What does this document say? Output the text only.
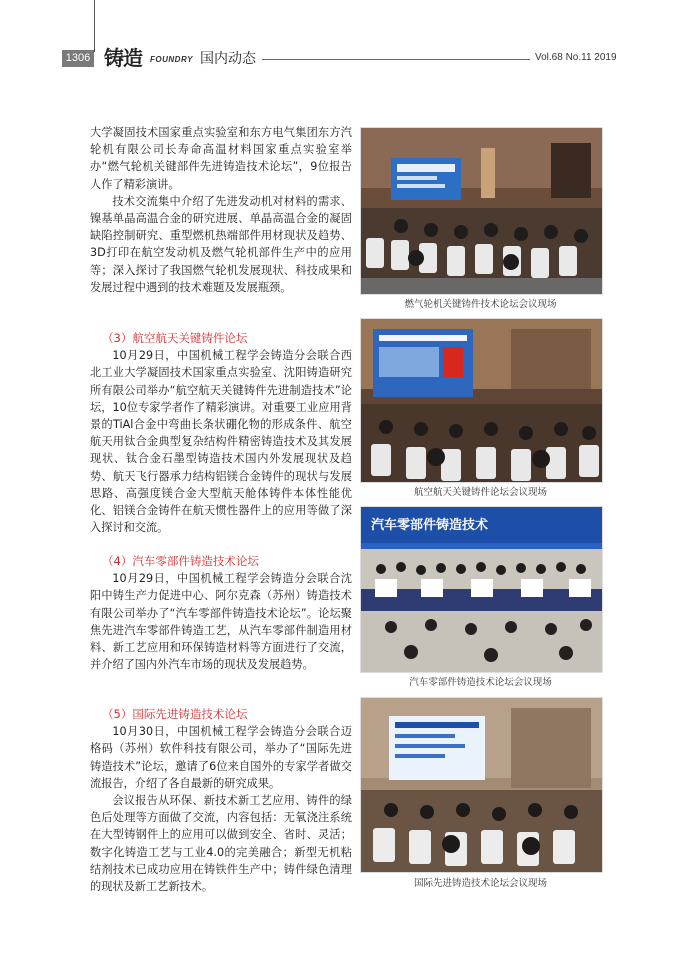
1306 铸造 FOUNDRY 国内动态	Vol.68 No.11 2019

大学凝固技术国家重点实验室和东方电气集团东方汽轮机有限公司长寿命高温材料国家重点实验室举办“燃气轮机关键部件先进铸造技术论坛”，9位报告人作了精彩演讲。

技术交流集中介绍了先进发动机对材料的需求、镍基单晶高温合金的研究进展、单晶高温合金的凝固缺陷控制研究、重型燃机热端部件用材现状及趋势、3D打印在航空发动机及燃气轮机部件生产中的应用等；深入探讨了我国燃气轮机发展现状、科技成果和发展过程中遇到的技术难题及发展瓶颈。

（3）航空航天关键铸件论坛

10月29日，中国机械工程学会铸造分会联合西北工业大学凝固技术国家重点实验室、沈阳铸造研究所有限公司举办“航空航天关键铸件先进制造技术”论坛，10位专家学者作了精彩演讲。对重要工业应用背景的TiAl合金中弯曲长条状硼化物的形成条件、航空航天用钛合金典型复杂结构件精密铸造技术及其发展现状、钛合金石墨型铸造技术国内外发展现状及趋势、航天飞行器承力结构铝镁合金铸件的现状与发展思路、高强度镁合金大型航天舱体铸件本体性能优化、铝镁合金铸件在航天惯性器件上的应用等做了深入探讨和交流。

（4）汽车零部件铸造技术论坛

10月29日，中国机械工程学会铸造分会联合沈阳中铸生产力促进中心、阿尔克森（苏州）铸造技术有限公司举办了“汽车零部件铸造技术论坛”。论坛聚焦先进汽车零部件铸造工艺，从汽车零部件制造用材料、新工艺应用和环保铸造材料等方面进行了交流，并介绍了国内外汽车市场的现状及发展趋势。

（5）国际先进铸造技术论坛

10月30日，中国机械工程学会铸造分会联合迈格码（苏州）软件科技有限公司，举办了“国际先进铸造技术”论坛，邀请了6位来自国外的专家学者做交流报告，介绍了各自最新的研究成果。

会议报告从环保、新技术新工艺应用、铸件的绿色后处理等方面做了交流，内容包括：无氧浇注系统在大型铸钢件上的应用可以做到安全、省时、灵活；数字化铸造工艺与工业4.0的完美融合；新型无机粘结剂技术已成功应用在铸铁件生产中；铸件绿色清理的现状及新工艺新技术。

燃气轮机关键铸件技术论坛会议现场
航空航天关键铸件论坛会议现场
汽车零部件铸造技术
汽车零部件铸造技术论坛会议现场
国际先进铸造技术论坛会议现场
